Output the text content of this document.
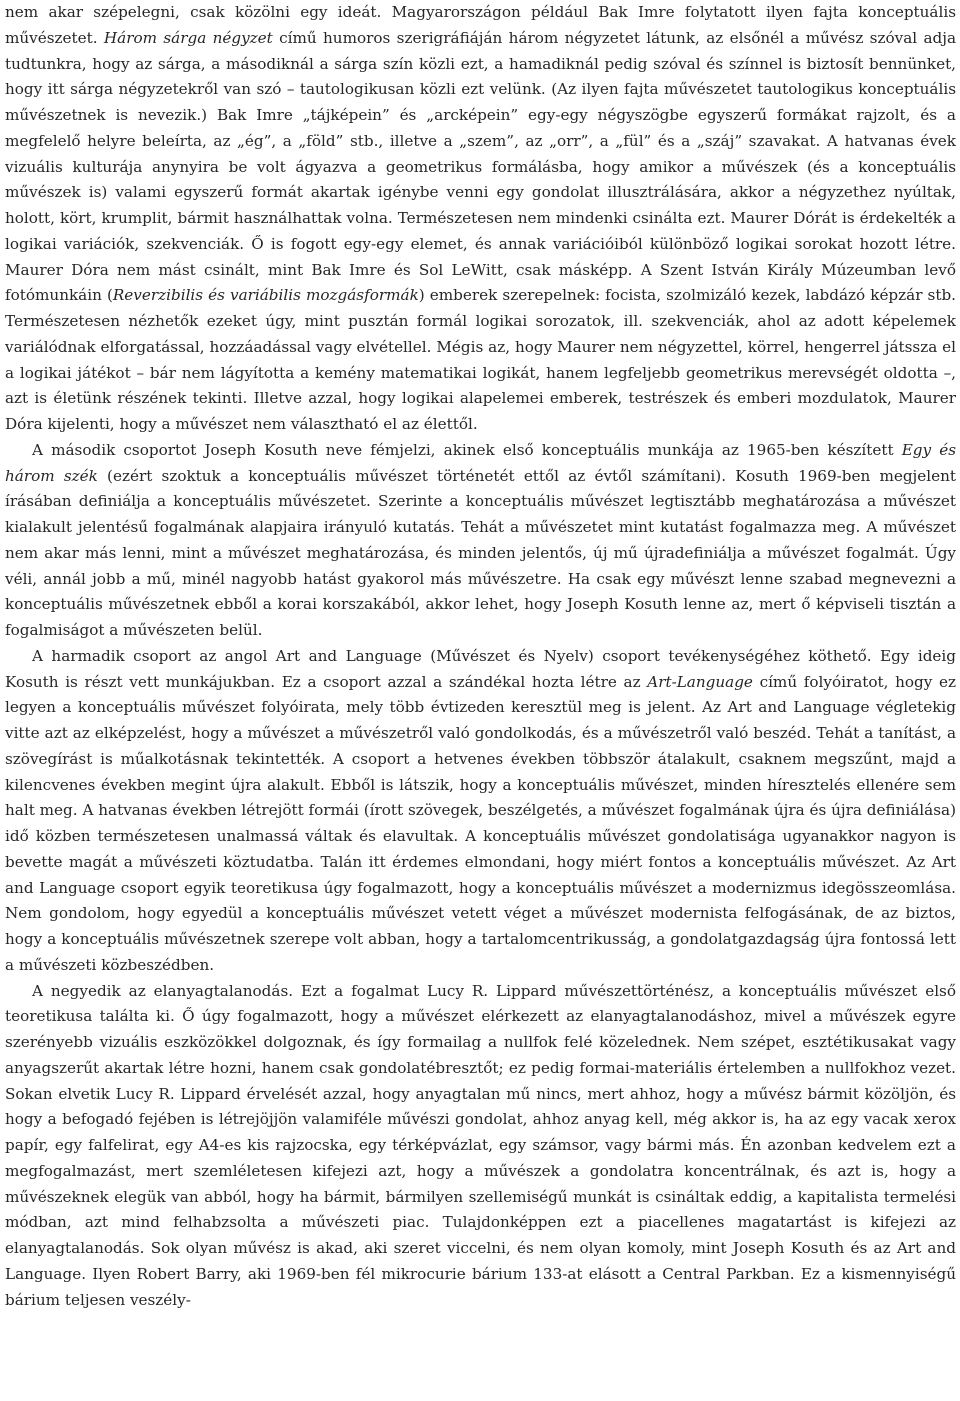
nem akar szépelegni, csak közölni egy ideát. Magyarországon például Bak Imre folytatott ilyen fajta konceptuális művészetet. Három sárga négyzet című humoros szerigráfiáján három négyzetet látunk, az elsőnél a művész szóval adja tudtunkra, hogy az sárga, a másodiknál a sárga szín közli ezt, a hamadiknál pedig szóval és színnel is biztosít bennünket, hogy itt sárga négyzetekről van szó – tautologikusan közli ezt velünk. (Az ilyen fajta művészetet tautologikus konceptuális művészetnek is nevezik.) Bak Imre „tájképein” és „arcképein” egy-egy négyszögbe egyszerű formákat rajzolt, és a megfelelő helyre beleírta, az „ég”, a „föld” stb., illetve a „szem”, az „orr”, a „fül” és a „száj” szavakat. A hatvanas évek vizuális kulturája anynyira be volt ágyazva a geometrikus formálásba, hogy amikor a művészek (és a konceptuális művészek is) valami egyszerű formát akartak igénybe venni egy gondolat illusztrálására, akkor a négyzethez nyúltak, holott, kört, krumplit, bármit használhattak volna. Természetesen nem mindenki csinálta ezt. Maurer Dórát is érdekelték a logikai variációk, szekvenciák. Ő is fogott egy-egy elemet, és annak variációiból különböző logikai sorokat hozott létre. Maurer Dóra nem mást csinált, mint Bak Imre és Sol LeWitt, csak másképp. A Szent István Király Múzeumban levő fotómunkáin (Reverzibilis és variábilis mozgásformák) emberek szerepelnek: focista, szolmizáló kezek, labdázó képzár stb. Természetesen nézhetők ezeket úgy, mint pusztán formál logikai sorozatok, ill. szekvenciák, ahol az adott képelemek variálódnak elforgatással, hozzáadással vagy elvétellel. Mégis az, hogy Maurer nem négyzettel, körrel, hengerrel játssza el a logikai játékot – bár nem lágyította a kemény matematikai logikát, hanem legfeljebb geometrikus merevségét oldotta –, azt is életünk részének tekinti. Illetve azzal, hogy logikai alapelemei emberek, testrészek és emberi mozdulatok, Maurer Dóra kijelenti, hogy a művészet nem választható el az élettől.

A második csoportot Joseph Kosuth neve fémjelzi, akinek első konceptuális munkája az 1965-ben készített Egy és három szék (ezért szoktuk a konceptuális művészet történetét ettől az évtől számítani). Kosuth 1969-ben megjelent írásában definiálja a konceptuális művészetet. Szerinte a konceptuális művészet legtisztább meghatározása a művészet kialakult jelentésű fogalmának alapjaira irányuló kutatás. Tehát a művészetet mint kutatást fogalmazza meg. A művészet nem akar más lenni, mint a művészet meghatározása, és minden jelentős, új mű újradefiniálja a művészet fogalmát. Úgy véli, annál jobb a mű, minél nagyobb hatást gyakorol más művészetre. Ha csak egy művészt lenne szabad megnevezni a konceptuális művészetnek ebből a korai korszakából, akkor lehet, hogy Joseph Kosuth lenne az, mert ő képviseli tisztán a fogalmiságot a művészeten belül.

A harmadik csoport az angol Art and Language (Művészet és Nyelv) csoport tevékenységéhez köthető. Egy ideig Kosuth is részt vett munkájukban. Ez a csoport azzal a szándékal hozta létre az Art-Language című folyóiratot, hogy ez legyen a konceptuális művészet folyóirata, mely több évtizeden keresztül meg is jelent. Az Art and Language végletekig vitte azt az elképzelést, hogy a művészet a művészetről való gondolkodás, és a művészetről való beszéd. Tehát a tanítást, a szövegírást is műalkotásnak tekintették. A csoport a hetvenes években többször átalakult, csaknem megszűnt, majd a kilencvenes években megint újra alakult. Ebből is látszik, hogy a konceptuális művészet, minden híresztelés ellenére sem halt meg. A hatvanas években létrejött formái (írott szövegek, beszélgetés, a művészet fogalmának újra és újra definiálása) idő közben természetesen unalmassá váltak és elavultak. A konceptuális művészet gondolatisága ugyanakkor nagyon is bevette magát a művészeti köztudatba. Talán itt érdemes elmondani, hogy miért fontos a konceptuális művészet. Az Art and Language csoport egyik teoretikusa úgy fogalmazott, hogy a konceptuális művészet a modernizmus idegösszeomlása. Nem gondolom, hogy egyedül a konceptuális művészet vetett véget a művészet modernista felfogásának, de az biztos, hogy a konceptuális művészetnek szerepe volt abban, hogy a tartalomcentrikusság, a gondolatgazdagság újra fontossá lett a művészeti közbeszédben.

A negyedik az elanyagtalanodás. Ezt a fogalmat Lucy R. Lippard művészettörténész, a konceptuális művészet első teoretikusa találta ki. Ő úgy fogalmazott, hogy a művészet elérkezett az elanyagtalanodáshoz, mivel a művészek egyre szerényebb vizuális eszközökkel dolgoznak, és így formailag a nullfok felé közelednek. Nem szépet, esztétikusakat vagy anyagszerűt akartak létre hozni, hanem csak gondolatébresztőt; ez pedig formai-materiális értelemben a nullfokhoz vezet. Sokan elvetik Lucy R. Lippard érvelését azzal, hogy anyagtalan mű nincs, mert ahhoz, hogy a művész bármit közöljön, és hogy a befogadó fejében is létrejöjjön valamiféle művészi gondolat, ahhoz anyag kell, még akkor is, ha az egy vacak xerox papír, egy falfelirat, egy A4-es kis rajzocska, egy térképvázlat, egy számsor, vagy bármi más. Én azonban kedvelem ezt a megfogalmazást, mert szemléletesen kifejezi azt, hogy a művészek a gondolatra koncentrálnak, és azt is, hogy a művészeknek elegük van abból, hogy ha bármit, bármilyen szellemiségű munkát is csináltak eddig, a kapitalista termelési módban, azt mind felhabzsolta a művészeti piac. Tulajdonképpen ezt a piacellenes magatartást is kifejezi az elanyagtalanodás. Sok olyan művész is akad, aki szeret viccelni, és nem olyan komoly, mint Joseph Kosuth és az Art and Language. Ilyen Robert Barry, aki 1969-ben fél mikrocurie bárium 133-at elásott a Central Parkban. Ez a kismennyiségű bárium teljesen veszély-
